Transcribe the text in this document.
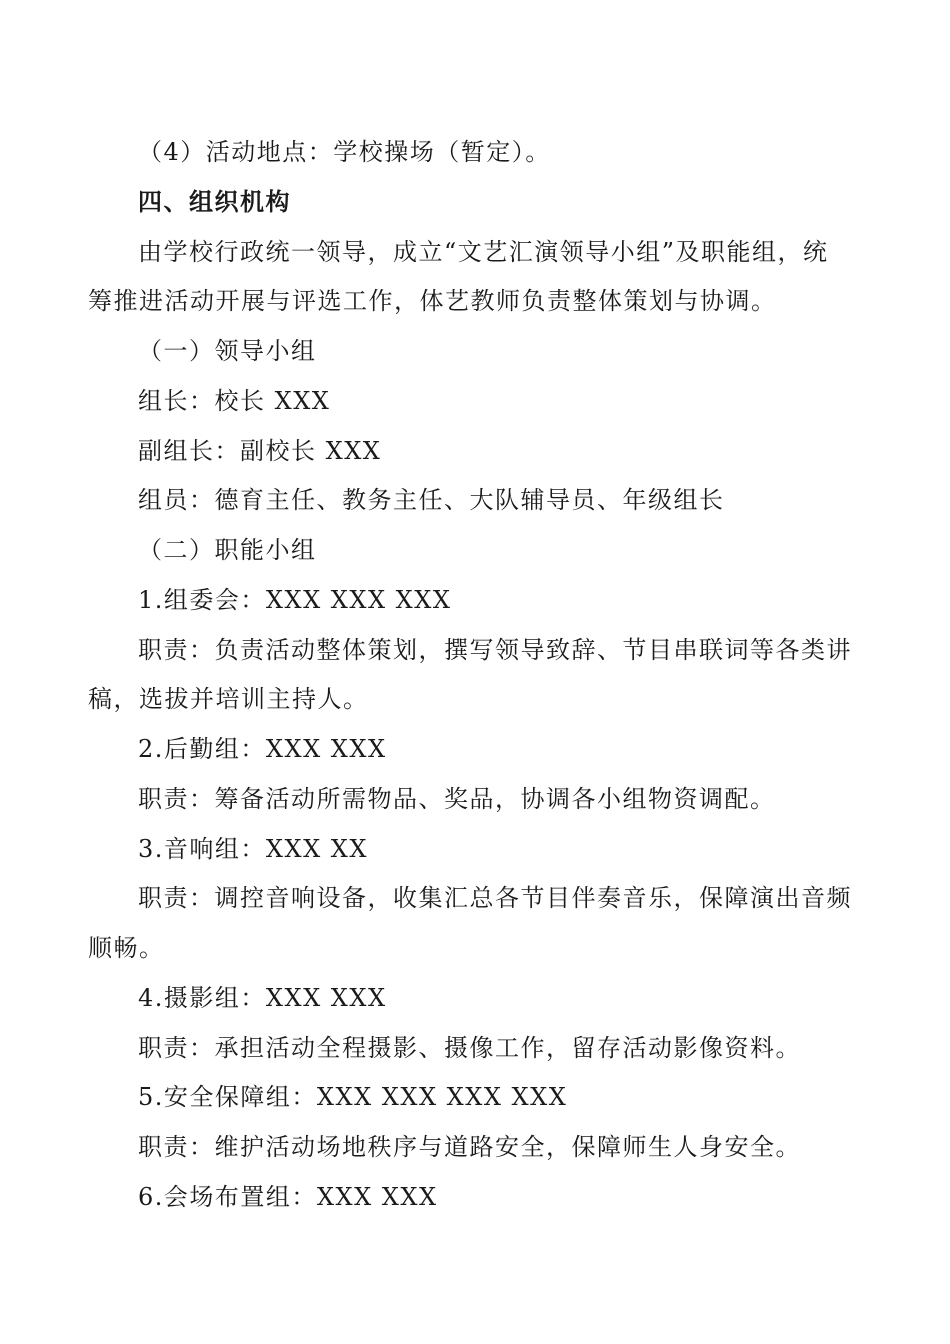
（4）活动地点：学校操场（暂定）。
四、组织机构
由学校行政统一领导，成立“文艺汇演领导小组”及职能组，统
筹推进活动开展与评选工作，体艺教师负责整体策划与协调。
（一）领导小组
组长：校长 XXX
副组长：副校长 XXX
组员：德育主任、教务主任、大队辅导员、年级组长
（二）职能小组
1.组委会：XXX XXX XXX
职责：负责活动整体策划，撰写领导致辞、节目串联词等各类讲
稿，选拔并培训主持人。
2.后勤组：XXX XXX
职责：筹备活动所需物品、奖品，协调各小组物资调配。
3.音响组：XXX XX
职责：调控音响设备，收集汇总各节目伴奏音乐，保障演出音频
顺畅。
4.摄影组：XXX XXX
职责：承担活动全程摄影、摄像工作，留存活动影像资料。
5.安全保障组：XXX XXX XXX XXX
职责：维护活动场地秩序与道路安全，保障师生人身安全。
6.会场布置组：XXX XXX
